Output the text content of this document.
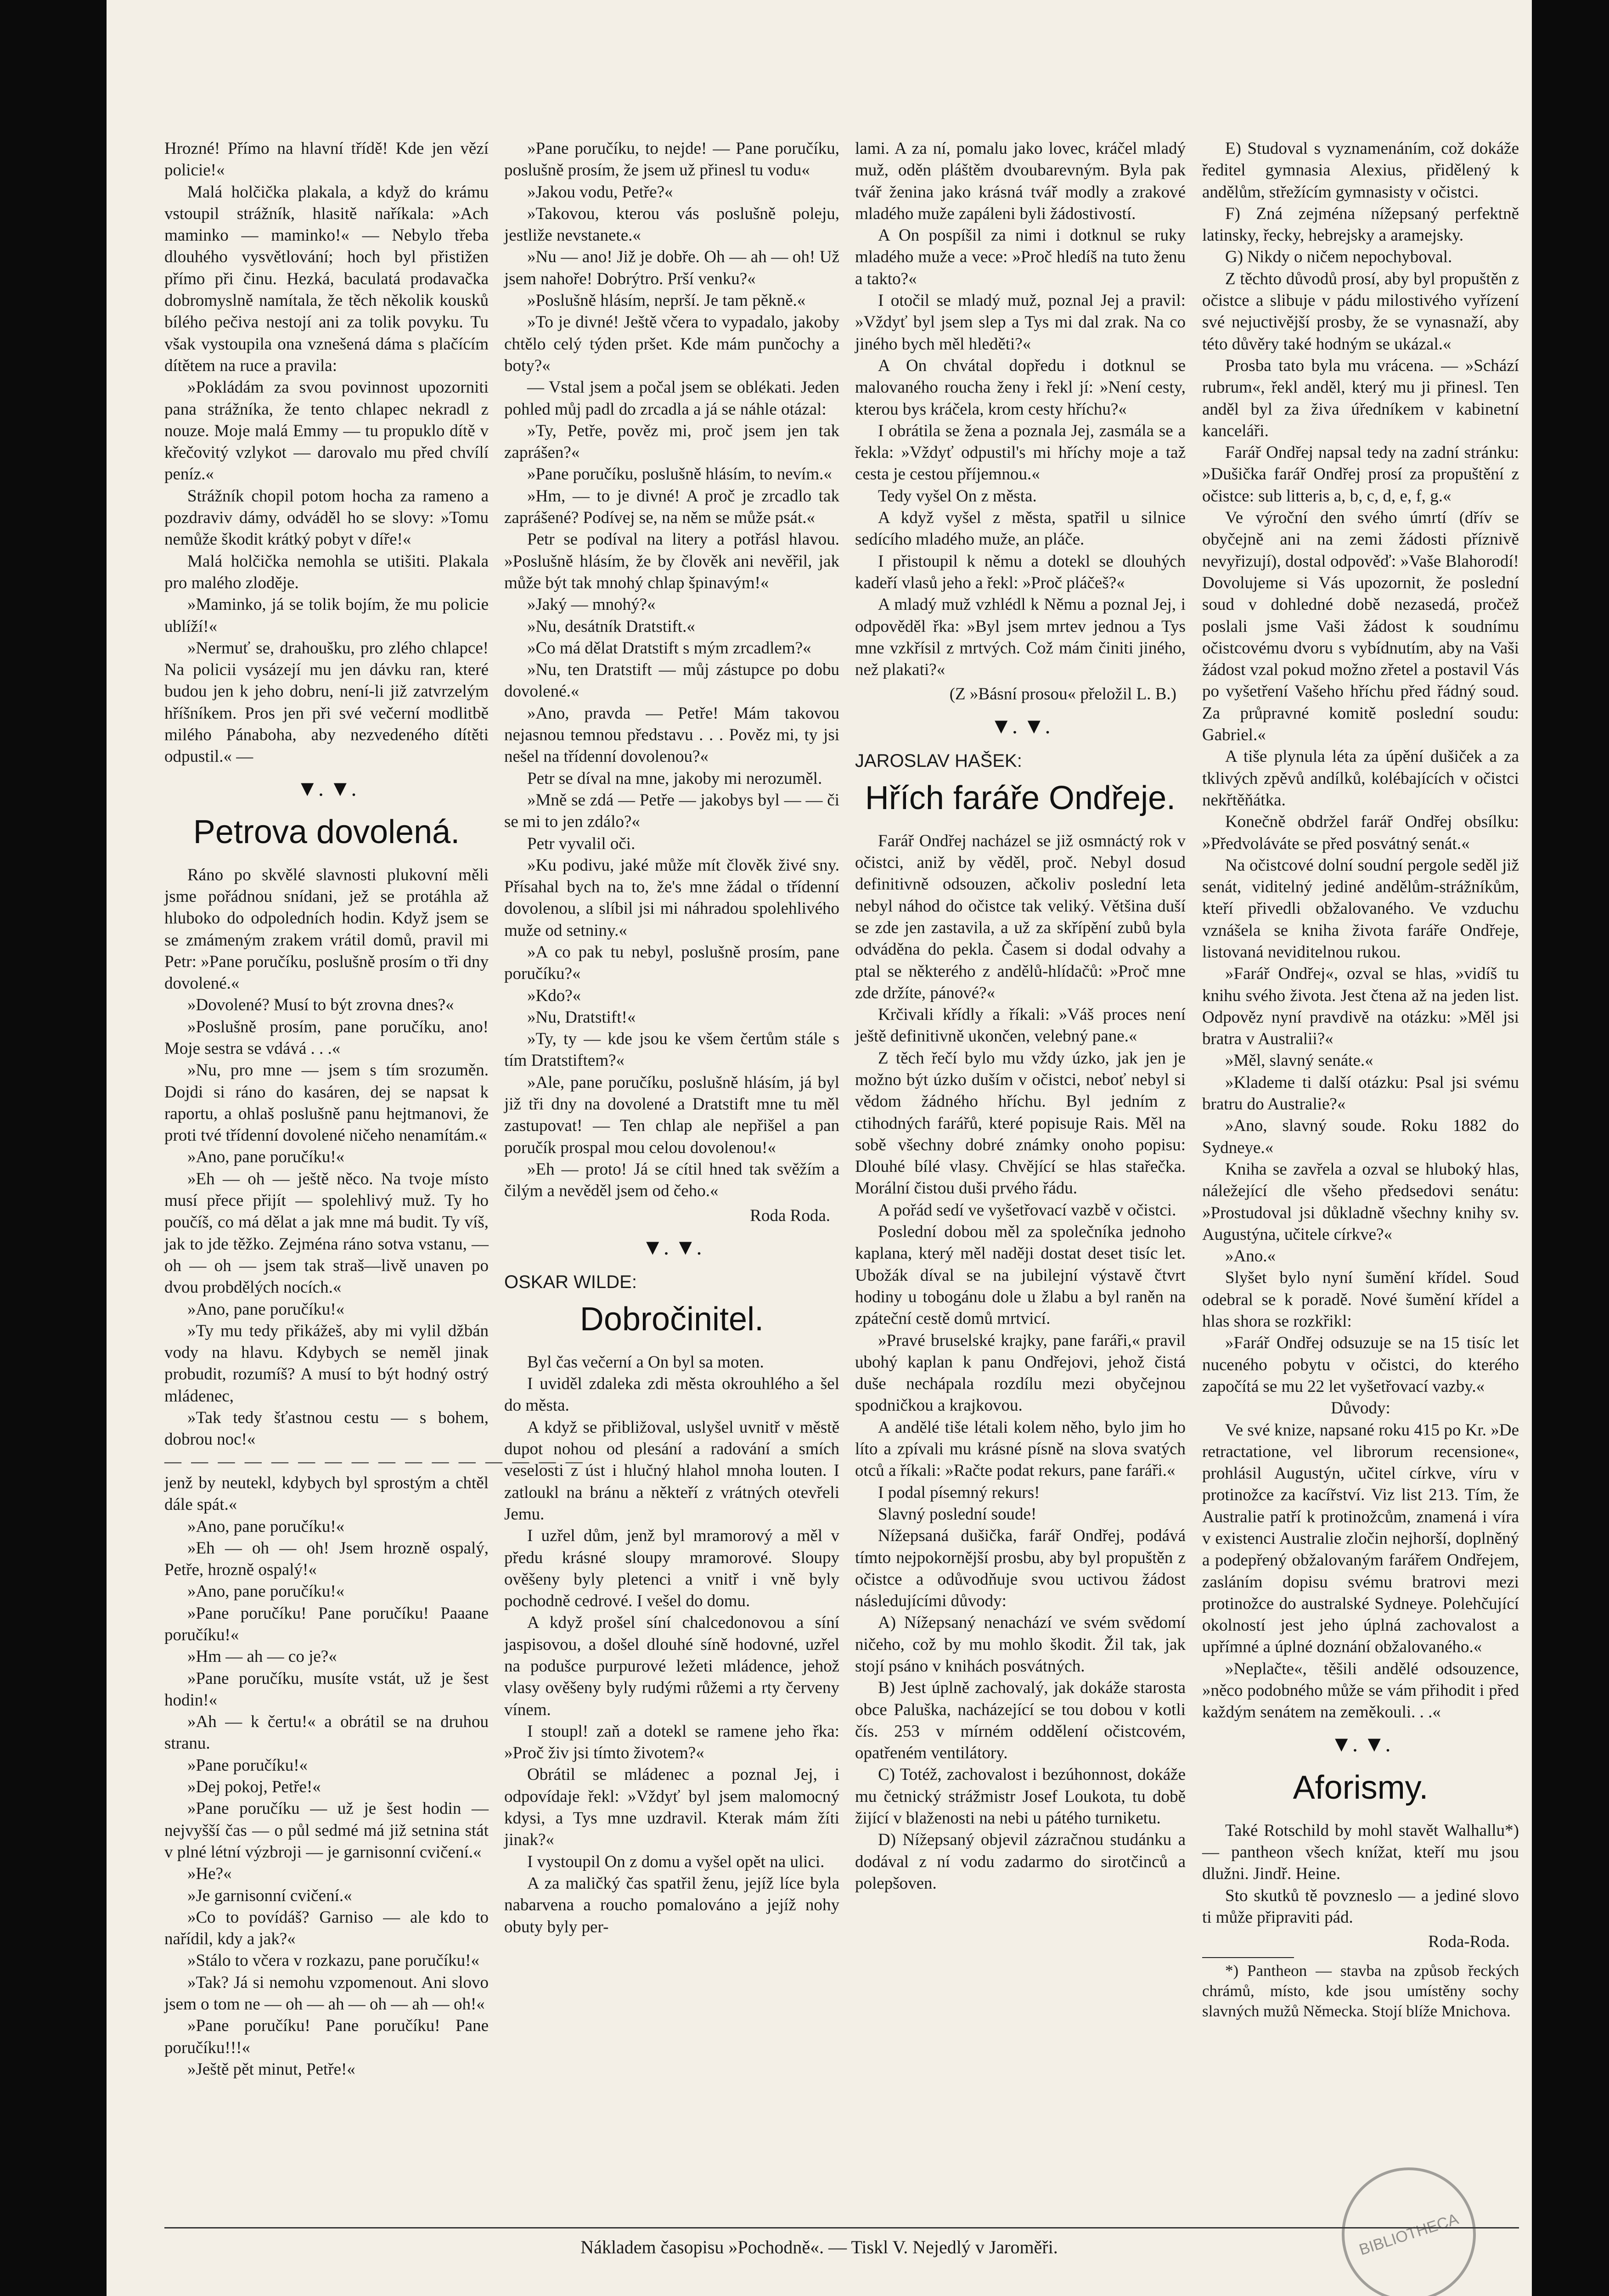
Hrozné! Přímo na hlavní třídě! Kde jen vězí policie!«

Malá holčička plakala, a když do krámu vstoupil strážník, hlasitě naříkala: »Ach maminko — maminko!« — Nebylo třeba dlouhého vysvětlování; hoch byl přistižen přímo při činu. Hezká, baculatá prodavačka dobromyslně namítala, že těch několik kousků bílého pečiva nestojí ani za tolik povyku. Tu však vystoupila ona vznešená dáma s plačícím dítětem na ruce a pravila:

»Pokládám za svou povinnost upozorniti pana strážníka, že tento chlapec nekradl z nouze. Moje malá Emmy — tu propuklo dítě v křečovitý vzlykot — darovalo mu před chvílí peníz.«

Strážník chopil potom hocha za rameno a pozdraviv dámy, odváděl ho se slovy: »Tomu nemůže škodit krátký pobyt v díře!«

Malá holčička nemohla se utišiti. Plakala pro malého zloděje.

»Maminko, já se tolik bojím, že mu policie ublíží!«

»Nermuť se, drahoušku, pro zlého chlapce! Na policii vysázejí mu jen dávku ran, které budou jen k jeho dobru, není-li již zatvrzelým hříšníkem. Pros jen při své večerní modlitbě milého Pánaboha, aby nezvedeného dítěti odpustil.« —

▼. ▼.
Petrova dovolená.

Ráno po skvělé slavnosti plukovní měli jsme pořádnou snídani, jež se protáhla až hluboko do odpoledních hodin. Když jsem se se zmámeným zrakem vrátil domů, pravil mi Petr: »Pane poručíku, poslušně prosím o tři dny dovolené.«

»Dovolené? Musí to být zrovna dnes?«

»Poslušně prosím, pane poručíku, ano! Moje sestra se vdává . . .«

»Nu, pro mne — jsem s tím srozuměn. Dojdi si ráno do kasáren, dej se napsat k raportu, a ohlaš poslušně panu hejtmanovi, že proti tvé třídenní dovolené ničeho nenamítám.«

»Ano, pane poručíku!«

»Eh — oh — ještě něco. Na tvoje místo musí přece přijít — spolehlivý muž. Ty ho poučíš, co má dělat a jak mne má budit. Ty víš, jak to jde těžko. Zejména ráno sotva vstanu, — oh — oh — jsem tak straš—livě unaven po dvou probdělých nocích.«

»Ano, pane poručíku!«

»Ty mu tedy přikážeš, aby mi vylil džbán vody na hlavu. Kdybych se neměl jinak probudit, rozumíš? A musí to být hodný ostrý mládenec,

»Tak tedy šťastnou cestu — s bohem, dobrou noc!«

— — — — — — — — — — — — — — — —

jenž by neutekl, kdybych byl sprostým a chtěl dále spát.«

»Ano, pane poručíku!«

»Eh — oh — oh! Jsem hrozně ospalý, Petře, hrozně ospalý!«

»Ano, pane poručíku!«

»Pane poručíku! Pane poručíku! Paaane poručíku!«

»Hm — ah — co je?«

»Pane poručíku, musíte vstát, už je šest hodin!«

»Ah — k čertu!« a obrátil se na druhou stranu.

»Pane poručíku!«

»Dej pokoj, Petře!«

»Pane poručíku — už je šest hodin — nejvyšší čas — o půl sedmé má již setnina stát v plné létní výzbroji — je garnisonní cvičení.«

»He?«

»Je garnisonní cvičení.«

»Co to povídáš? Garniso — ale kdo to nařídil, kdy a jak?«

»Stálo to včera v rozkazu, pane poručíku!«

»Tak? Já si nemohu vzpomenout. Ani slovo jsem o tom ne — oh — ah — oh — ah — oh!«

»Pane poručíku! Pane poručíku! Pane poručíku!!!«

»Ještě pět minut, Petře!«

»Pane poručíku, to nejde! — Pane poručíku, poslušně prosím, že jsem už přinesl tu vodu«

»Jakou vodu, Petře?«

»Takovou, kterou vás poslušně poleju, jestliže nevstanete.«

»Nu — ano! Již je dobře. Oh — ah — oh! Už jsem nahoře! Dobrýtro. Prší venku?«

»Poslušně hlásím, neprší. Je tam pěkně.«

»To je divné! Ještě včera to vypadalo, jakoby chtělo celý týden pršet. Kde mám punčochy a boty?«

— Vstal jsem a počal jsem se oblékati. Jeden pohled můj padl do zrcadla a já se náhle otázal:

»Ty, Petře, pověz mi, proč jsem jen tak zaprášen?«

»Pane poručíku, poslušně hlásím, to nevím.«

»Hm, — to je divné! A proč je zrcadlo tak zaprášené? Podívej se, na něm se může psát.«

Petr se podíval na litery a potřásl hlavou. »Poslušně hlásím, že by člověk ani nevěřil, jak může být tak mnohý chlap špinavým!«

»Jaký — mnohý?«

»Nu, desátník Dratstift.«

»Co má dělat Dratstift s mým zrcadlem?«

»Nu, ten Dratstift — můj zástupce po dobu dovolené.«

»Ano, pravda — Petře! Mám takovou nejasnou temnou představu . . . Pověz mi, ty jsi nešel na třídenní dovolenou?«

Petr se díval na mne, jakoby mi nerozuměl.

»Mně se zdá — Petře — jakobys byl — — či se mi to jen zdálo?«

Petr vyvalil oči.

»Ku podivu, jaké může mít člověk živé sny. Přísahal bych na to, že's mne žádal o třídenní dovolenou, a slíbil jsi mi náhradou spolehlivého muže od setniny.«

»A co pak tu nebyl, poslušně prosím, pane poručíku?«

»Kdo?«

»Nu, Dratstift!«

»Ty, ty — kde jsou ke všem čertům stále s tím Dratstiftem?«

»Ale, pane poručíku, poslušně hlásím, já byl již tři dny na dovolené a Dratstift mne tu měl zastupovat! — Ten chlap ale nepřišel a pan poručík prospal mou celou dovolenou!«

»Eh — proto! Já se cítil hned tak svěžím a čilým a nevěděl jsem od čeho.«

Roda Roda.
▼. ▼.
OSKAR WILDE:
Dobročinitel.

Byl čas večerní a On byl sa moten.

I uviděl zdaleka zdi města okrouhlého a šel do města.

A když se přibližoval, uslyšel uvnitř v městě dupot nohou od plesání a radování a smích veselosti z úst i hlučný hlahol mnoha louten. I zatloukl na bránu a někteří z vrátných otevřeli Jemu.

I uzřel dům, jenž byl mramorový a měl v předu krásné sloupy mramorové. Sloupy ověšeny byly pletenci a vnitř i vně byly pochodně cedrové. I vešel do domu.

A když prošel síní chalcedonovou a síní jaspisovou, a došel dlouhé síně hodovné, uzřel na podušce purpurové ležeti mládence, jehož vlasy ověšeny byly rudými růžemi a rty červeny vínem.

I stoupl! zaň a dotekl se ramene jeho řka: »Proč živ jsi tímto životem?«

Obrátil se mládenec a poznal Jej, i odpovídaje řekl: »Vždyť byl jsem malomocný kdysi, a Tys mne uzdravil. Kterak mám žíti jinak?«

I vystoupil On z domu a vyšel opět na ulici.

A za maličký čas spatřil ženu, jejíž líce byla nabarvena a roucho pomalováno a jejíž nohy obuty byly per-

lami. A za ní, pomalu jako lovec, kráčel mladý muž, oděn pláštěm dvoubarevným. Byla pak tvář ženina jako krásná tvář modly a zrakové mladého muže zapáleni byli žádostivostí.

A On pospíšil za nimi i dotknul se ruky mladého muže a vece: »Proč hledíš na tuto ženu a takto?«

I otočil se mladý muž, poznal Jej a pravil: »Vždyť byl jsem slep a Tys mi dal zrak. Na co jiného bych měl hleděti?«

A On chvátal dopředu i dotknul se malovaného roucha ženy i řekl jí: »Není cesty, kterou bys kráčela, krom cesty hříchu?«

I obrátila se žena a poznala Jej, zasmála se a řekla: »Vždyť odpustil's mi hříchy moje a taž cesta je cestou příjemnou.«

Tedy vyšel On z města.

A když vyšel z města, spatřil u silnice sedícího mladého muže, an pláče.

I přistoupil k němu a dotekl se dlouhých kadeří vlasů jeho a řekl: »Proč pláčeš?«

A mladý muž vzhlédl k Němu a poznal Jej, i odpověděl řka: »Byl jsem mrtev jednou a Tys mne vzkřísil z mrtvých. Což mám činiti jiného, než plakati?«

(Z »Básní prosou« přeložil L. B.)
▼. ▼.
JAROSLAV HAŠEK:
Hřích faráře Ondřeje.

Farář Ondřej nacházel se již osmnáctý rok v očistci, aniž by věděl, proč. Nebyl dosud definitivně odsouzen, ačkoliv poslední leta nebyl náhod do očistce tak veliký. Většina duší se zde jen zastavila, a už za skřípění zubů byla odváděna do pekla. Časem si dodal odvahy a ptal se některého z andělů-hlídačů: »Proč mne zde držíte, pánové?«

Krčivali křídly a říkali: »Váš proces není ještě definitivně ukončen, velebný pane.«

Z těch řečí bylo mu vždy úzko, jak jen je možno být úzko duším v očistci, neboť nebyl si vědom žádného hříchu. Byl jedním z ctihodných farářů, které popisuje Rais. Měl na sobě všechny dobré známky onoho popisu: Dlouhé bílé vlasy. Chvějící se hlas stařečka. Morální čistou duši prvého řádu.

A pořád sedí ve vyšetřovací vazbě v očistci.

Poslední dobou měl za společníka jednoho kaplana, který měl naději dostat deset tisíc let. Ubožák díval se na jubilejní výstavě čtvrt hodiny u tobogánu dole u žlabu a byl raněn na zpáteční cestě domů mrtvicí.

»Pravé bruselské krajky, pane faráři,« pravil ubohý kaplan k panu Ondřejovi, jehož čistá duše nechápala rozdílu mezi obyčejnou spodničkou a krajkovou.

A andělé tiše létali kolem něho, bylo jim ho líto a zpívali mu krásné písně na slova svatých otců a říkali: »Račte podat rekurs, pane faráři.«

I podal písemný rekurs!

Slavný poslední soude!

Nížepsaná dušička, farář Ondřej, podává tímto nejpokornější prosbu, aby byl propuštěn z očistce a odůvodňuje svou uctivou žádost následujícími důvody:

A) Nížepsaný nenachází ve svém svědomí ničeho, což by mu mohlo škodit. Žil tak, jak stojí psáno v knihách posvátných.

B) Jest úplně zachovalý, jak dokáže starosta obce Paluška, nacházející se tou dobou v kotli čís. 253 v mírném oddělení očistcovém, opatřeném ventilátory.

C) Totéž, zachovalost i bezúhonnost, dokáže mu četnický strážmistr Josef Loukota, tu době žijící v blaženosti na nebi u pátého turniketu.

D) Nížepsaný objevil zázračnou studánku a dodával z ní vodu zadarmo do sirotčinců a polepšoven.

E) Studoval s vyznamenáním, což dokáže ředitel gymnasia Alexius, přidělený k andělům, střežícím gymnasisty v očistci.

F) Zná zejména nížepsaný perfektně latinsky, řecky, hebrejsky a aramejsky.

G) Nikdy o ničem nepochyboval.

Z těchto důvodů prosí, aby byl propuštěn z očistce a slibuje v pádu milostivého vyřízení své nejuctivější prosby, že se vynasnaží, aby této důvěry také hodným se ukázal.«

Prosba tato byla mu vrácena. — »Schází rubrum«, řekl anděl, který mu ji přinesl. Ten anděl byl za živa úředníkem v kabinetní kanceláři.

Farář Ondřej napsal tedy na zadní stránku: »Dušička farář Ondřej prosí za propuštění z očistce: sub litteris a, b, c, d, e, f, g.«

Ve výroční den svého úmrtí (dřív se obyčejně ani na zemi žádosti příznivě nevyřizují), dostal odpověď: »Vaše Blahorodí! Dovolujeme si Vás upozornit, že poslední soud v dohledné době nezasedá, pročež poslali jsme Vaši žádost k soudnímu očistcovému dvoru s vybídnutím, aby na Vaši žádost vzal pokud možno zřetel a postavil Vás po vyšetření Vašeho hříchu před řádný soud. Za průpravné komitě poslední soudu: Gabriel.«

A tiše plynula léta za úpění dušiček a za tklivých zpěvů andílků, kolébajících v očistci nekřtěňátka.

Konečně obdržel farář Ondřej obsílku: »Předvoláváte se před posvátný senát.«

Na očistcové dolní soudní pergole seděl již senát, viditelný jediné andělům-strážníkům, kteří přivedli obžalovaného. Ve vzduchu vznášela se kniha života faráře Ondřeje, listovaná neviditelnou rukou.

»Farář Ondřej«, ozval se hlas, »vidíš tu knihu svého života. Jest čtena až na jeden list. Odpověz nyní pravdivě na otázku: »Měl jsi bratra v Australii?«

»Měl, slavný senáte.«

»Klademe ti další otázku: Psal jsi svému bratru do Australie?«

»Ano, slavný soude. Roku 1882 do Sydneye.«

Kniha se zavřela a ozval se hluboký hlas, náležející dle všeho předsedovi senátu: »Prostudoval jsi důkladně všechny knihy sv. Augustýna, učitele církve?«

»Ano.«

Slyšet bylo nyní šumění křídel. Soud odebral se k poradě. Nové šumění křídel a hlas shora se rozkřikl:

»Farář Ondřej odsuzuje se na 15 tisíc let nuceného pobytu v očistci, do kterého započítá se mu 22 let vyšetřovací vazby.«

Důvody:

Ve své knize, napsané roku 415 po Kr. »De retractatione, vel librorum recensione«, prohlásil Augustýn, učitel církve, víru v protinožce za kacířství. Viz list 213. Tím, že Australie patří k protinožcům, znamená i víra v existenci Australie zločin nejhorší, doplněný a podepřený obžalovaným farářem Ondřejem, zasláním dopisu svému bratrovi mezi protinožce do australské Sydneye. Polehčující okolností jest jeho úplná zachovalost a upřímné a úplné doznání obžalovaného.«

»Neplačte«, těšili andělé odsouzence, »něco podobného může se vám přihodit i před každým senátem na zeměkouli. . .«

▼. ▼.
Aforismy.

Také Rotschild by mohl stavět Walhallu*) — pantheon všech knížat, kteří mu jsou dlužni. Jindř. Heine.

Sto skutků tě povzneslo — a jediné slovo ti může připraviti pád.

Roda-Roda.

*) Pantheon — stavba na způsob řeckých chrámů, místo, kde jsou umístěny sochy slavných mužů Německa. Stojí blíže Mnichova.

Nákladem časopisu »Pochodně«. — Tiskl V. Nejedlý v Jaroměři.	BIBLIOTHECA
